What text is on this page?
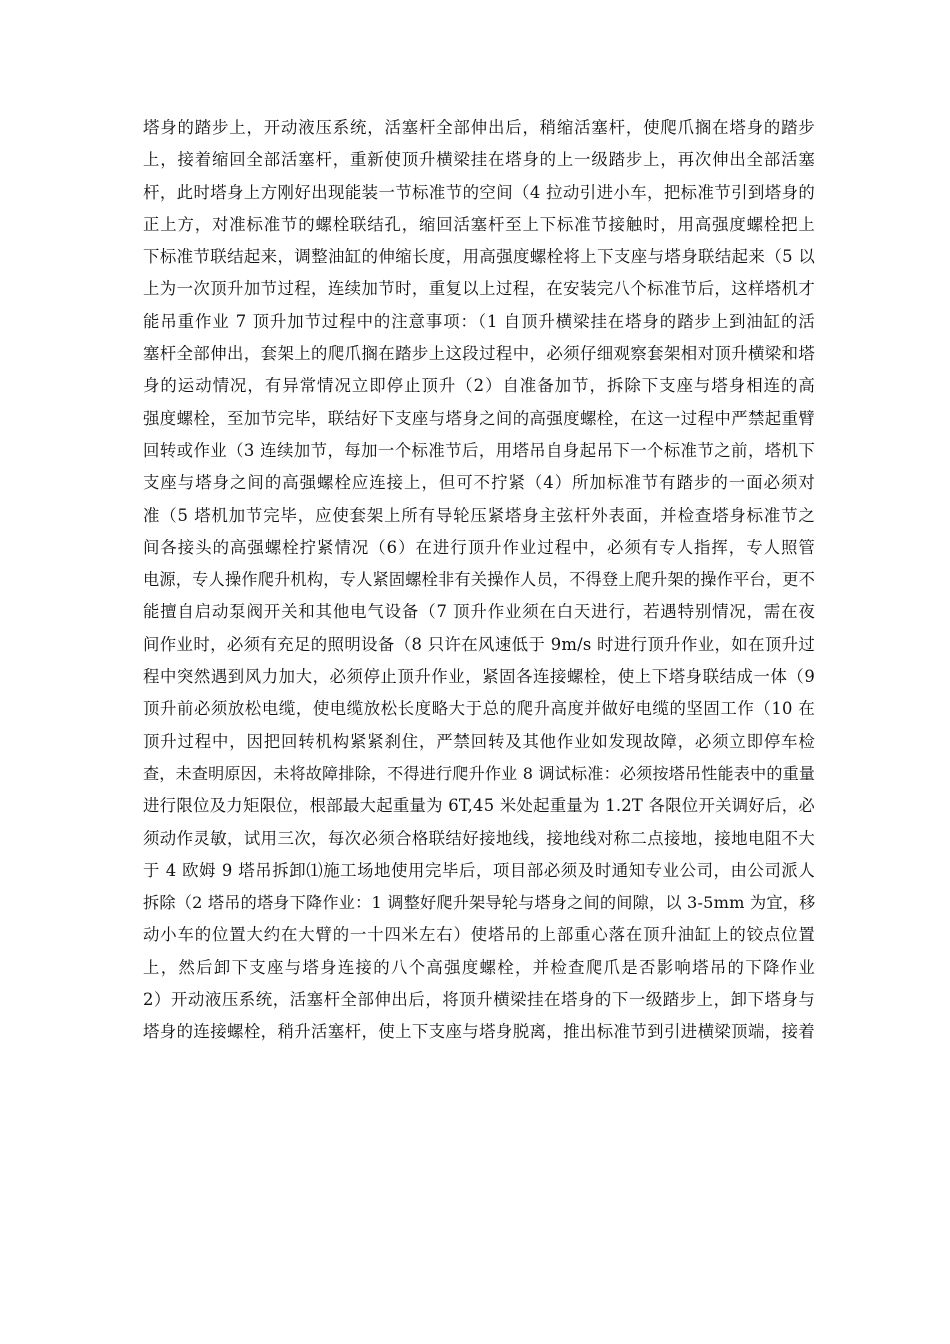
塔身的踏步上，开动液压系统，活塞杆全部伸出后，稍缩活塞杆，使爬爪搁在塔身的踏步
上，接着缩回全部活塞杆，重新使顶升横梁挂在塔身的上一级踏步上，再次伸出全部活塞
杆，此时塔身上方刚好出现能装一节标准节的空间（4 拉动引进小车，把标准节引到塔身的
正上方，对准标准节的螺栓联结孔，缩回活塞杆至上下标准节接触时，用高强度螺栓把上
下标准节联结起来，调整油缸的伸缩长度，用高强度螺栓将上下支座与塔身联结起来（5 以
上为一次顶升加节过程，连续加节时，重复以上过程，在安装完八个标准节后，这样塔机才
能吊重作业 7 顶升加节过程中的注意事项：（1 自顶升横梁挂在塔身的踏步上到油缸的活
塞杆全部伸出，套架上的爬爪搁在踏步上这段过程中，必须仔细观察套架相对顶升横梁和塔
身的运动情况，有异常情况立即停止顶升（2）自准备加节，拆除下支座与塔身相连的高
强度螺栓，至加节完毕，联结好下支座与塔身之间的高强度螺栓，在这一过程中严禁起重臂
回转或作业（3 连续加节，每加一个标准节后，用塔吊自身起吊下一个标准节之前，塔机下
支座与塔身之间的高强螺栓应连接上，但可不拧紧（4）所加标准节有踏步的一面必须对
准（5 塔机加节完毕，应使套架上所有导轮压紧塔身主弦杆外表面，并检查塔身标准节之
间各接头的高强螺栓拧紧情况（6）在进行顶升作业过程中，必须有专人指挥，专人照管
电源，专人操作爬升机构，专人紧固螺栓非有关操作人员，不得登上爬升架的操作平台，更不
能擅自启动泵阀开关和其他电气设备（7 顶升作业须在白天进行，若遇特别情况，需在夜
间作业时，必须有充足的照明设备（8 只许在风速低于 9m/s 时进行顶升作业，如在顶升过
程中突然遇到风力加大，必须停止顶升作业，紧固各连接螺栓，使上下塔身联结成一体（9
顶升前必须放松电缆，使电缆放松长度略大于总的爬升高度并做好电缆的坚固工作（10 在
顶升过程中，因把回转机构紧紧刹住，严禁回转及其他作业如发现故障，必须立即停车检
查，未查明原因，未将故障排除，不得进行爬升作业 8 调试标准：必须按塔吊性能表中的重量
进行限位及力矩限位，根部最大起重量为 6T,45 米处起重量为 1.2T 各限位开关调好后，必
须动作灵敏，试用三次，每次必须合格联结好接地线，接地线对称二点接地，接地电阻不大
于 4 欧姆 9 塔吊拆卸⑴施工场地使用完毕后，项目部必须及时通知专业公司，由公司派人
拆除（2 塔吊的塔身下降作业：1 调整好爬升架导轮与塔身之间的间隙，以 3-5mm 为宜，移
动小车的位置大约在大臂的一十四米左右）使塔吊的上部重心落在顶升油缸上的铰点位置
上，然后卸下支座与塔身连接的八个高强度螺栓，并检查爬爪是否影响塔吊的下降作业
2）开动液压系统，活塞杆全部伸出后，将顶升横梁挂在塔身的下一级踏步上，卸下塔身与
塔身的连接螺栓，稍升活塞杆，使上下支座与塔身脱离，推出标准节到引进横梁顶端，接着
